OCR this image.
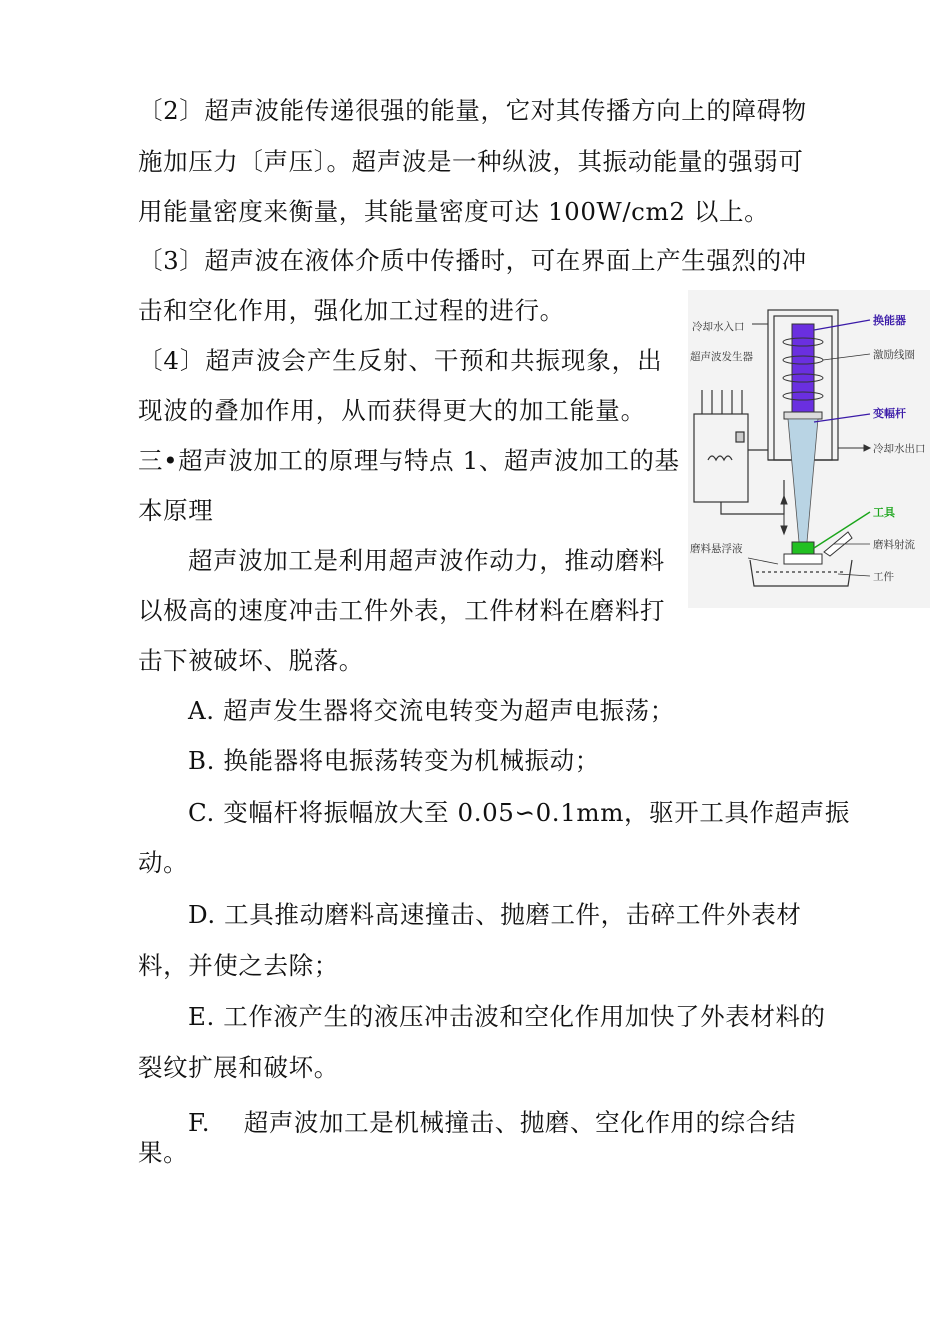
〔2〕超声波能传递很强的能量，它对其传播方向上的障碍物
施加压力〔声压〕。超声波是一种纵波，其振动能量的强弱可
用能量密度来衡量，其能量密度可达 100W/cm2 以上。
〔3〕超声波在液体介质中传播时，可在界面上产生强烈的冲
击和空化作用，强化加工过程的进行。
〔4〕超声波会产生反射、干预和共振现象，出
现波的叠加作用，从而获得更大的加工能量。
三•超声波加工的原理与特点 1、超声波加工的基
本原理
超声波加工是利用超声波作动力，推动磨料
以极高的速度冲击工件外表，工件材料在磨料打
击下被破坏、脱落。
A. 超声发生器将交流电转变为超声电振荡；
B. 换能器将电振荡转变为机械振动；
C. 变幅杆将振幅放大至 0.05∽0.1mm，驱开工具作超声振
动。
D. 工具推动磨料高速撞击、抛磨工件，击碎工件外表材
料，并使之去除；
E. 工作液产生的液压冲击波和空化作用加快了外表材料的
裂纹扩展和破坏。
F.    超声波加工是机械撞击、抛磨、空化作用的综合结
果。
冷却水入口
超声波发生器
换能器
激励线圈
变幅杆
冷却水出口
工具
磨料悬浮液	磨料射流
工件
